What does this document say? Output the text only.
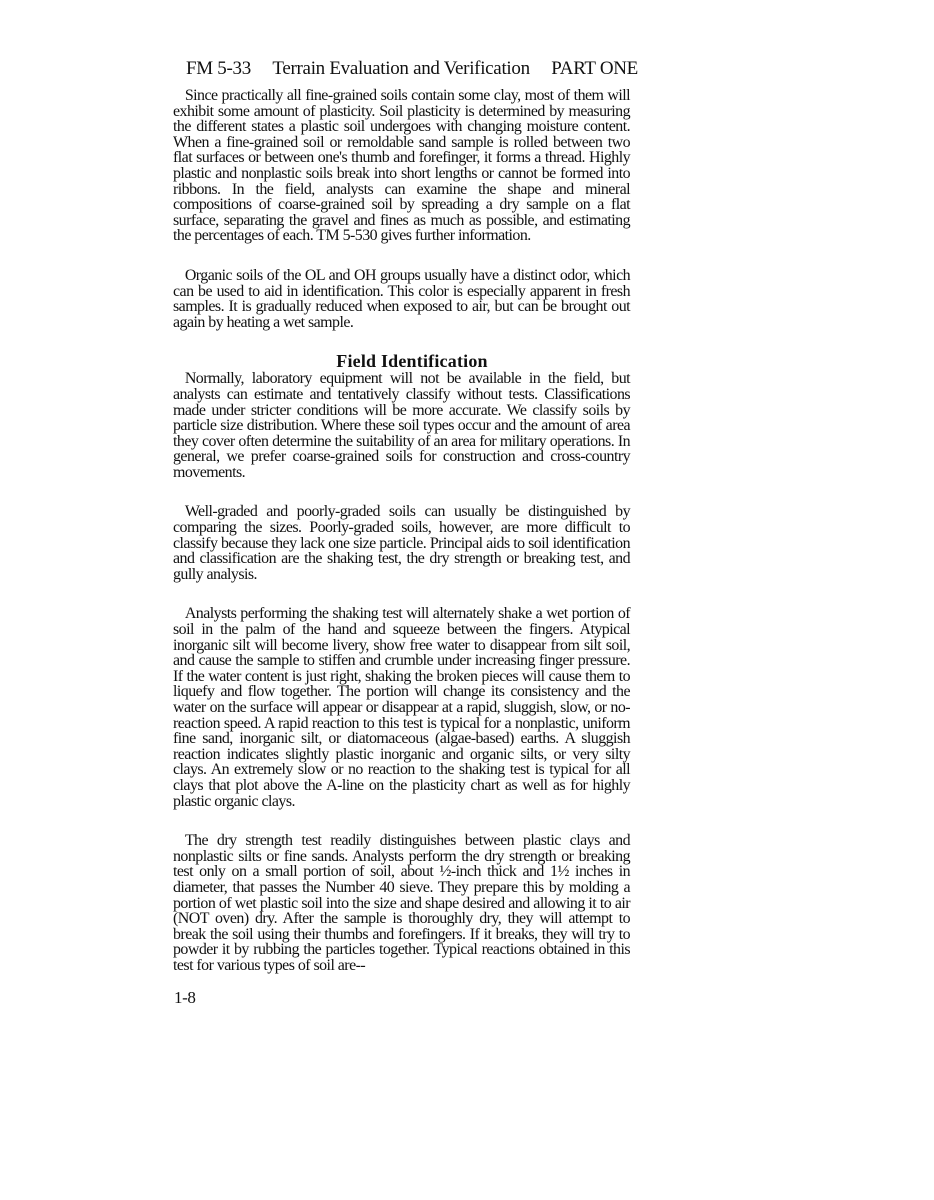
FM 5-33 Terrain Evaluation and Verification PART ONE

Since practically all fine-grained soils contain some clay, most of them will exhibit some amount of plasticity. Soil plasticity is determined by measuring the different states a plastic soil undergoes with changing moisture content. When a fine-grained soil or remoldable sand sample is rolled between two flat surfaces or between one's thumb and forefinger, it forms a thread. Highly plastic and nonplastic soils break into short lengths or cannot be formed into ribbons. In the field, analysts can examine the shape and mineral compositions of coarse-grained soil by spreading a dry sample on a flat surface, separating the gravel and fines as much as possible, and estimating the percentages of each. TM 5-530 gives further information.

Organic soils of the OL and OH groups usually have a distinct odor, which can be used to aid in identification. This color is especially apparent in fresh samples. It is gradually reduced when exposed to air, but can be brought out again by heating a wet sample.

Field Identification

Normally, laboratory equipment will not be available in the field, but analysts can estimate and tentatively classify without tests. Classifications made under stricter conditions will be more accurate. We classify soils by particle size distribution. Where these soil types occur and the amount of area they cover often determine the suitability of an area for military operations. In general, we prefer coarse-grained soils for construction and cross-country movements.

Well-graded and poorly-graded soils can usually be distinguished by comparing the sizes. Poorly-graded soils, however, are more difficult to classify because they lack one size particle. Principal aids to soil identification and classification are the shaking test, the dry strength or breaking test, and gully analysis.

Analysts performing the shaking test will alternately shake a wet portion of soil in the palm of the hand and squeeze between the fingers. Atypical inorganic silt will become livery, show free water to disappear from silt soil, and cause the sample to stiffen and crumble under increasing finger pressure. If the water content is just right, shaking the broken pieces will cause them to liquefy and flow together. The portion will change its consistency and the water on the surface will appear or disappear at a rapid, sluggish, slow, or no-reaction speed. A rapid reaction to this test is typical for a nonplastic, uniform fine sand, inorganic silt, or diatomaceous (algae-based) earths. A sluggish reaction indicates slightly plastic inorganic and organic silts, or very silty clays. An extremely slow or no reaction to the shaking test is typical for all clays that plot above the A-line on the plasticity chart as well as for highly plastic organic clays.

The dry strength test readily distinguishes between plastic clays and nonplastic silts or fine sands. Analysts perform the dry strength or breaking test only on a small portion of soil, about ½-inch thick and 1½ inches in diameter, that passes the Number 40 sieve. They prepare this by molding a portion of wet plastic soil into the size and shape desired and allowing it to air (NOT oven) dry. After the sample is thoroughly dry, they will attempt to break the soil using their thumbs and forefingers. If it breaks, they will try to powder it by rubbing the particles together. Typical reactions obtained in this test for various types of soil are--

1-8
